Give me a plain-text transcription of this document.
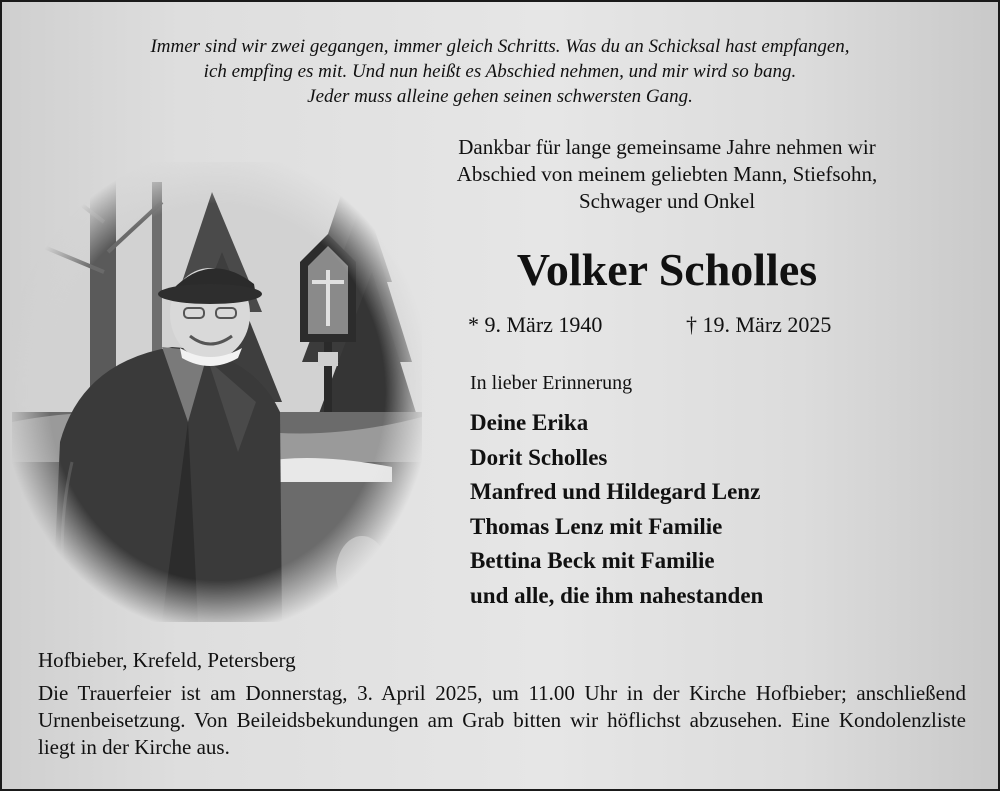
Immer sind wir zwei gegangen, immer gleich Schritts. Was du an Schicksal hast empfangen,
ich empfing es mit. Und nun heißt es Abschied nehmen, und mir wird so bang.
Jeder muss alleine gehen seinen schwersten Gang.
Dankbar für lange gemeinsame Jahre nehmen wir
Abschied von meinem geliebten Mann, Stiefsohn,
Schwager und Onkel
Volker Scholles
* 9. März 1940	† 19. März 2025
In lieber Erinnerung
Deine Erika
Dorit Scholles
Manfred und Hildegard Lenz
Thomas Lenz mit Familie
Bettina Beck mit Familie
und alle, die ihm nahestanden
Hofbieber, Krefeld, Petersberg
Die Trauerfeier ist am Donnerstag, 3. April 2025, um 11.00 Uhr in der Kirche Hofbieber; anschließend Urnenbeisetzung. Von Beileidsbekundungen am Grab bitten wir höflichst abzusehen. Eine Kondolenzliste liegt in der Kirche aus.
